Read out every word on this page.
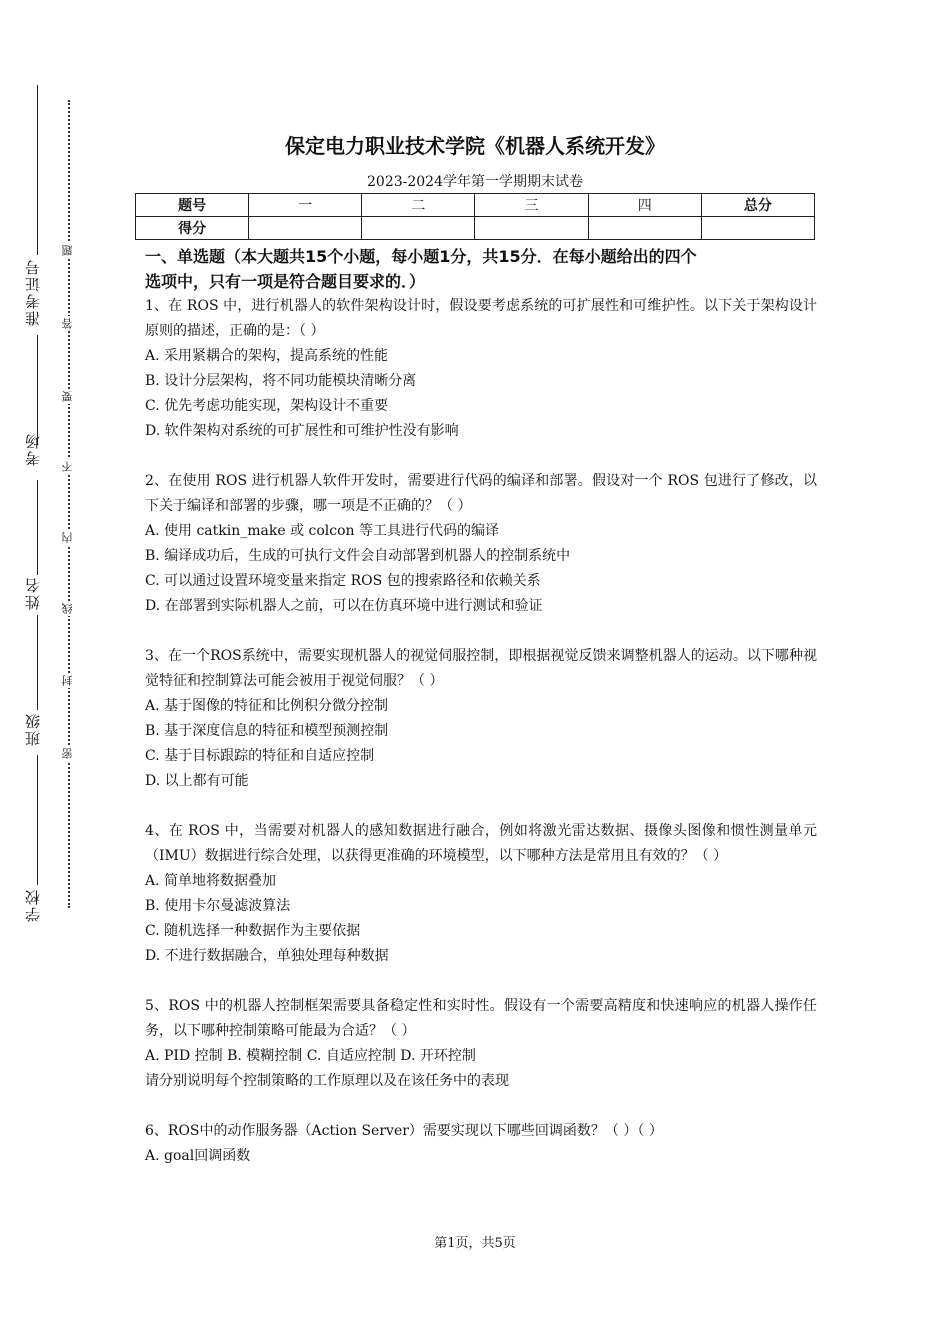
准考证号
考场
姓名
班级
学校
题
答
要
不
内
线
封
密
保定电力职业技术学院《机器人系统开发》
2023-2024学年第一学期期末试卷
题号	一	二	三	四	总分
得分					

一、单选题（本大题共15个小题，每小题1分，共15分．在每小题给出的四个

选项中，只有一项是符合题目要求的．）

1、在 ROS 中，进行机器人的软件架构设计时，假设要考虑系统的可扩展性和可维护性。以下关于架构设计原则的描述，正确的是：（ ）

A. 采用紧耦合的架构，提高系统的性能

B. 设计分层架构，将不同功能模块清晰分离

C. 优先考虑功能实现，架构设计不重要

D. 软件架构对系统的可扩展性和可维护性没有影响

2、在使用 ROS 进行机器人软件开发时，需要进行代码的编译和部署。假设对一个 ROS 包进行了修改，以下关于编译和部署的步骤，哪一项是不正确的？（ ）

A. 使用 catkin_make 或 colcon 等工具进行代码的编译

B. 编译成功后，生成的可执行文件会自动部署到机器人的控制系统中

C. 可以通过设置环境变量来指定 ROS 包的搜索路径和依赖关系

D. 在部署到实际机器人之前，可以在仿真环境中进行测试和验证

3、在一个ROS系统中，需要实现机器人的视觉伺服控制，即根据视觉反馈来调整机器人的运动。以下哪种视觉特征和控制算法可能会被用于视觉伺服？（ ）

A. 基于图像的特征和比例积分微分控制

B. 基于深度信息的特征和模型预测控制

C. 基于目标跟踪的特征和自适应控制

D. 以上都有可能

4、在 ROS 中，当需要对机器人的感知数据进行融合，例如将激光雷达数据、摄像头图像和惯性测量单元（IMU）数据进行综合处理，以获得更准确的环境模型，以下哪种方法是常用且有效的？（ ）

A. 简单地将数据叠加

B. 使用卡尔曼滤波算法

C. 随机选择一种数据作为主要依据

D. 不进行数据融合，单独处理每种数据

5、ROS 中的机器人控制框架需要具备稳定性和实时性。假设有一个需要高精度和快速响应的机器人操作任务，以下哪种控制策略可能最为合适？（ ）

A. PID 控制 B. 模糊控制 C. 自适应控制 D. 开环控制

请分别说明每个控制策略的工作原理以及在该任务中的表现

6、ROS中的动作服务器（Action Server）需要实现以下哪些回调函数？（ ）（ ）

A. goal回调函数

第1页，共5页
